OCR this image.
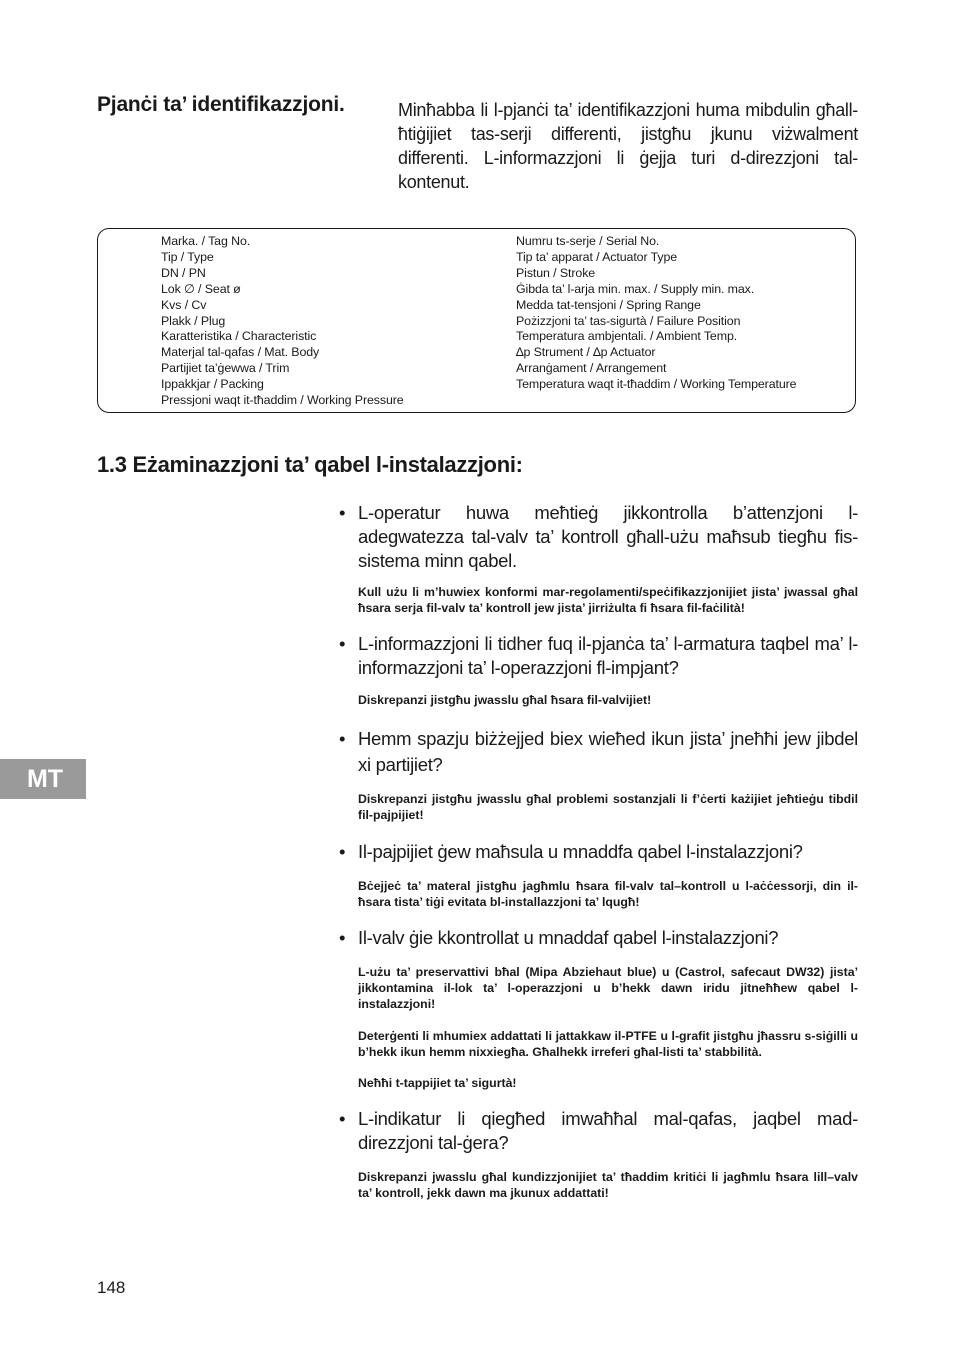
Pjanċi ta’ identifikazzjoni.	Minħabba li l-pjanċi ta’ identifikazzjoni huma mibdulin għall-ħtiġijiet tas-serji differenti, jistgħu jkunu viżwalment differenti. L-informazzjoni li ġejja turi d-direzzjoni tal-kontenut.
Marka. / Tag No.
Tip / Type
DN / PN
Lok ∅ / Seat ø
Kvs / Cv
Plakk / Plug
Karatteristika / Characteristic
Materjal tal-qafas / Mat. Body
Partijiet ta’ġewwa / Trim
Ippakkjar / Packing
Pressjoni waqt it-tħaddim / Working Pressure
Numru ts-serje / Serial No.
Tip ta’ apparat / Actuator Type
Pistun / Stroke
Ġibda ta’ l-arja min. max. / Supply min. max.
Medda tat-tensjoni / Spring Range
Pożizzjoni ta’ tas-sigurtà / Failure Position
Temperatura ambjentali. / Ambient Temp.
∆p Strument / ∆p Actuator
Arranġament / Arrangement
Temperatura waqt it-tħaddim / Working Temperature
1.3 Eżaminazzjoni ta’ qabel l-instalazzjoni:
MT
• L-operatur huwa meħtieġ jikkontrolla b’attenzjoni l-adegwatezza tal-valv ta’ kontroll għall-użu maħsub tiegħu fis-sistema minn qabel.
Kull użu li m’huwiex konformi mar-regolamenti/speċifikazzjonijiet jista’ jwassal għal ħsara serja fil-valv ta’ kontroll jew jista’ jirriżulta fi ħsara fil-faċilità!
• L-informazzjoni li tidher fuq il-pjanċa ta’ l-armatura taqbel ma’ l-informazzjoni ta’ l-operazzjoni fl-impjant?
Diskrepanzi jistgħu jwasslu għal ħsara fil-valvijiet!
• Hemm spazju biżżejjed biex wieħed ikun jista’ jneħħi jew jibdel xi partijiet?
Diskrepanzi jistgħu jwasslu għal problemi sostanzjali li f’ċerti każijiet jeħtieġu tibdil fil-pajpijiet!
• Il-pajpijiet ġew maħsula u mnaddfa qabel l-instalazzjoni?
Bċejjeċ ta’ materal jistgħu jagħmlu ħsara fil-valv tal–kontroll u l-aċċessorji, din il-ħsara tista’ tiġi evitata bl-installazzjoni ta’ lqugħ!
• Il-valv ġie kkontrollat u mnaddaf qabel l-instalazzjoni?
L-użu ta’ preservattivi bħal (Mipa Abziehaut blue) u (Castrol, safecaut DW32) jista’ jikkontamina il-lok ta’ l-operazzjoni u b’hekk dawn iridu jitneħħew qabel l-instalazzjoni!
Deterġenti li mhumiex addattati li jattakkaw il-PTFE u l-grafit jistgħu jħassru s-siġilli u b’hekk ikun hemm nixxiegħa. Għalhekk irreferi għal-listi ta’ stabbilità.
Neħħi t-tappijiet ta’ sigurtà!
• L-indikatur li qiegħed imwaħħal mal-qafas, jaqbel mad-direzzjoni tal-ġera?
Diskrepanzi jwasslu għal kundizzjonijiet ta’ tħaddim kritiċi li jagħmlu ħsara lill–valv ta’ kontroll, jekk dawn ma jkunux addattati!
148
